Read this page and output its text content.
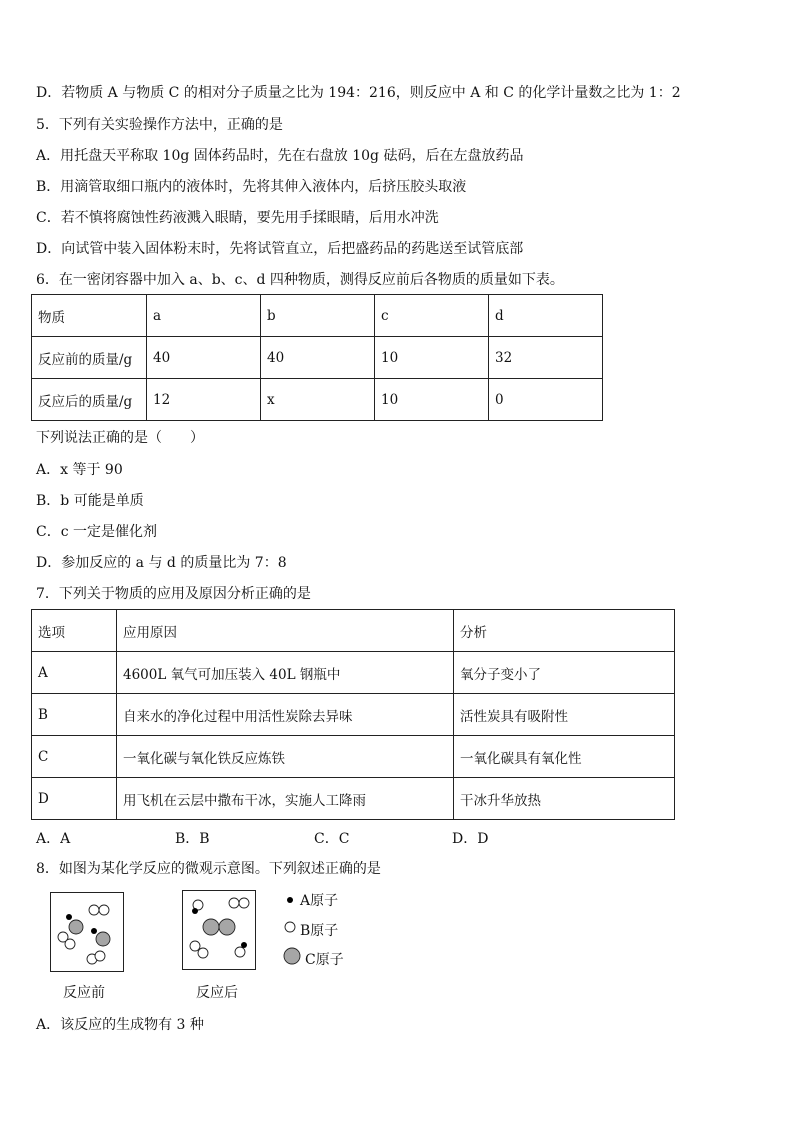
D．若物质 A 与物质 C 的相对分子质量之比为 194：216，则反应中 A 和 C 的化学计量数之比为 1：2
5．下列有关实验操作方法中，正确的是
A．用托盘天平称取 10g 固体药品时，先在右盘放 10g 砝码，后在左盘放药品
B．用滴管取细口瓶内的液体时，先将其伸入液体内，后挤压胶头取液
C．若不慎将腐蚀性药液溅入眼睛，要先用手揉眼睛，后用水冲洗
D．向试管中装入固体粉末时，先将试管直立，后把盛药品的药匙送至试管底部
6．在一密闭容器中加入 a、b、c、d 四种物质，测得反应前后各物质的质量如下表。
物质	a	b	c	d
反应前的质量/g	40	40	10	32
反应后的质量/g	12	x	10	0
下列说法正确的是（　　）
A．x 等于 90
B．b 可能是单质
C．c 一定是催化剂
D．参加反应的 a 与 d 的质量比为 7：8
7．下列关于物质的应用及原因分析正确的是
选项	应用原因	分析
A	4600L 氧气可加压装入 40L 钢瓶中	氧分子变小了
B	自来水的净化过程中用活性炭除去异味	活性炭具有吸附性
C	一氧化碳与氧化铁反应炼铁	一氧化碳具有氧化性
D	用飞机在云层中撒布干冰，实施人工降雨	干冰升华放热
A．A	B．B	C．C	D．D
8．如图为某化学反应的微观示意图。下列叙述正确的是
反应前	反应后
A原子
B原子
C原子
A．该反应的生成物有 3 种
